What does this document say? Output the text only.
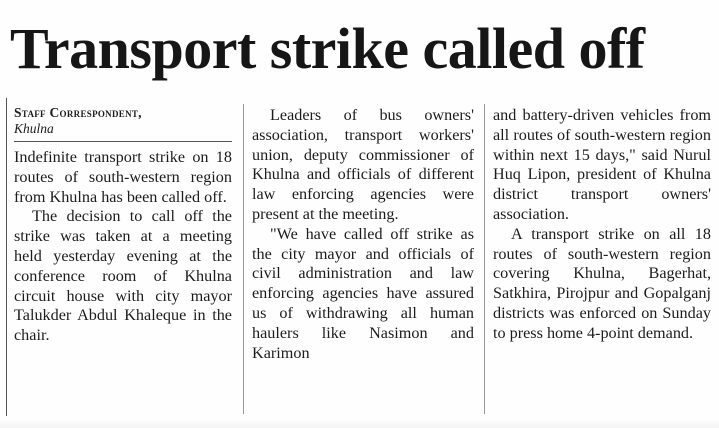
Transport strike called off
Staff Correspondent,
Khulna

Indefinite transport strike on 18 routes of south-western region from Khulna has been called off.

The decision to call off the strike was taken at a meeting held yesterday evening at the conference room of Khulna circuit house with city mayor Talukder Abdul Khaleque in the chair.

Leaders of bus owners' association, transport workers' union, deputy commissioner of Khulna and officials of different law enforcing agencies were present at the meeting.

"We have called off strike as the city mayor and officials of civil administration and law enforcing agencies have assured us of withdrawing all human haulers like Nasimon and Karimon

and battery-driven vehicles from all routes of south-western region within next 15 days," said Nurul Huq Lipon, president of Khulna district transport owners' association.

A transport strike on all 18 routes of south-western region covering Khulna, Bagerhat, Satkhira, Pirojpur and Gopalganj districts was enforced on Sunday to press home 4-point demand.
